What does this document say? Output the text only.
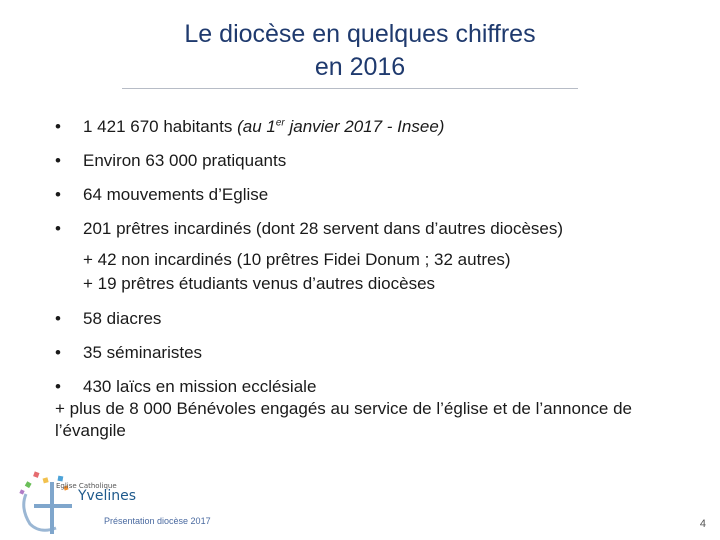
Le diocèse en quelques chiffres
en 2016
•	1 421 670 habitants (au 1er janvier 2017 - Insee)
•	Environ 63 000 pratiquants
•	64 mouvements d’Eglise
•	201 prêtres incardinés (dont 28 servent dans d’autres diocèses)
+ 42 non incardinés (10 prêtres Fidei Donum ; 32 autres)
+ 19 prêtres étudiants venus d’autres diocèses
•	58 diacres
•	35 séminaristes
•	430 laïcs en mission ecclésiale
+ plus de 8 000 Bénévoles engagés au service de l’église et de l’annonce de l’évangile
Eglise Catholique
Yvelines
Présentation diocèse 2017	4
